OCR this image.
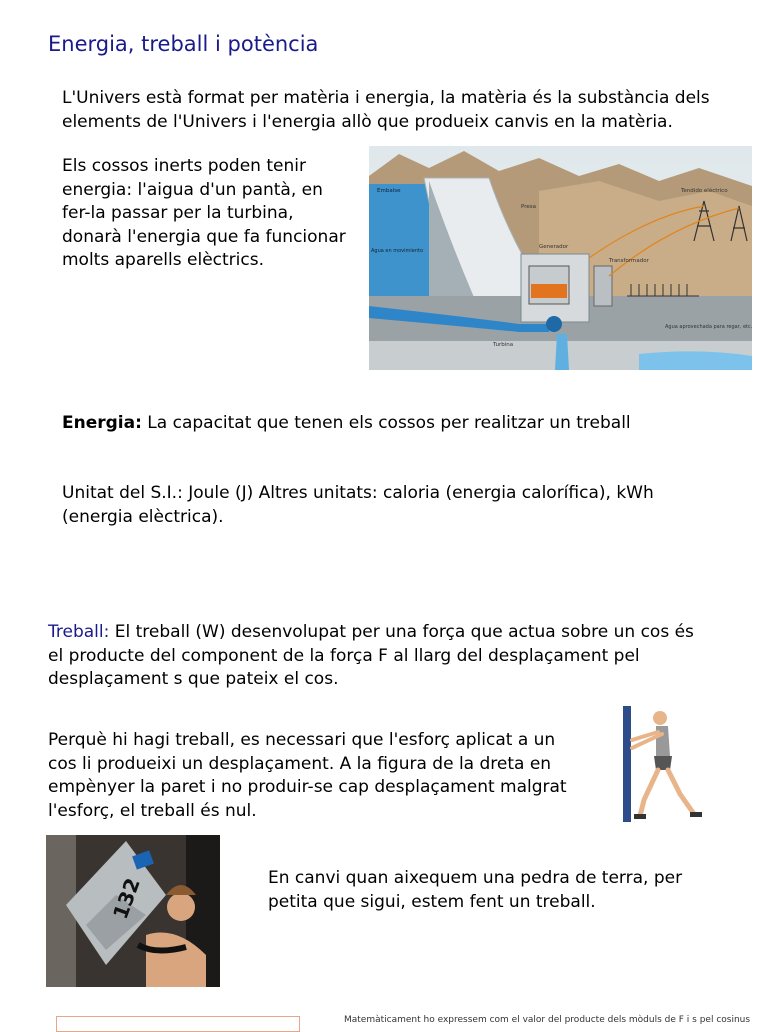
Energia, treball i potència
L'Univers està format per matèria i energia, la matèria és la substància dels elements de l'Univers i l'energia allò que produeix canvis en la matèria.
Els cossos inerts poden tenir energia: l'aigua d'un pantà, en fer-la passar per la turbina, donarà l'energia que fa funcionar molts aparells elèctrics.
Embalse
Presa
Tendido eléctrico
Generador
Transformador
Agua en movimiento
Turbina
Agua aprovechada para regar, etc.
Energia: La capacitat que tenen els cossos per realitzar un treball
Unitat del S.I.: Joule (J) Altres unitats: caloria (energia calorífica), kWh (energia elèctrica).
Treball: El treball (W) desenvolupat per una força que actua sobre un cos és el producte del component de la força F al llarg del desplaçament pel desplaçament s que pateix el cos.
Perquè hi hagi treball, es necessari que l'esforç aplicat a un cos li produeixi un desplaçament. A la figura de la dreta en empènyer la paret i no produir-se cap desplaçament malgrat l'esforç, el treball és nul.
132	En canvi quan aixequem una pedra de terra, per petita que sigui, estem fent un treball.
Matemàticament ho expressem com el valor del producte dels mòduls de F i s pel cosinus
